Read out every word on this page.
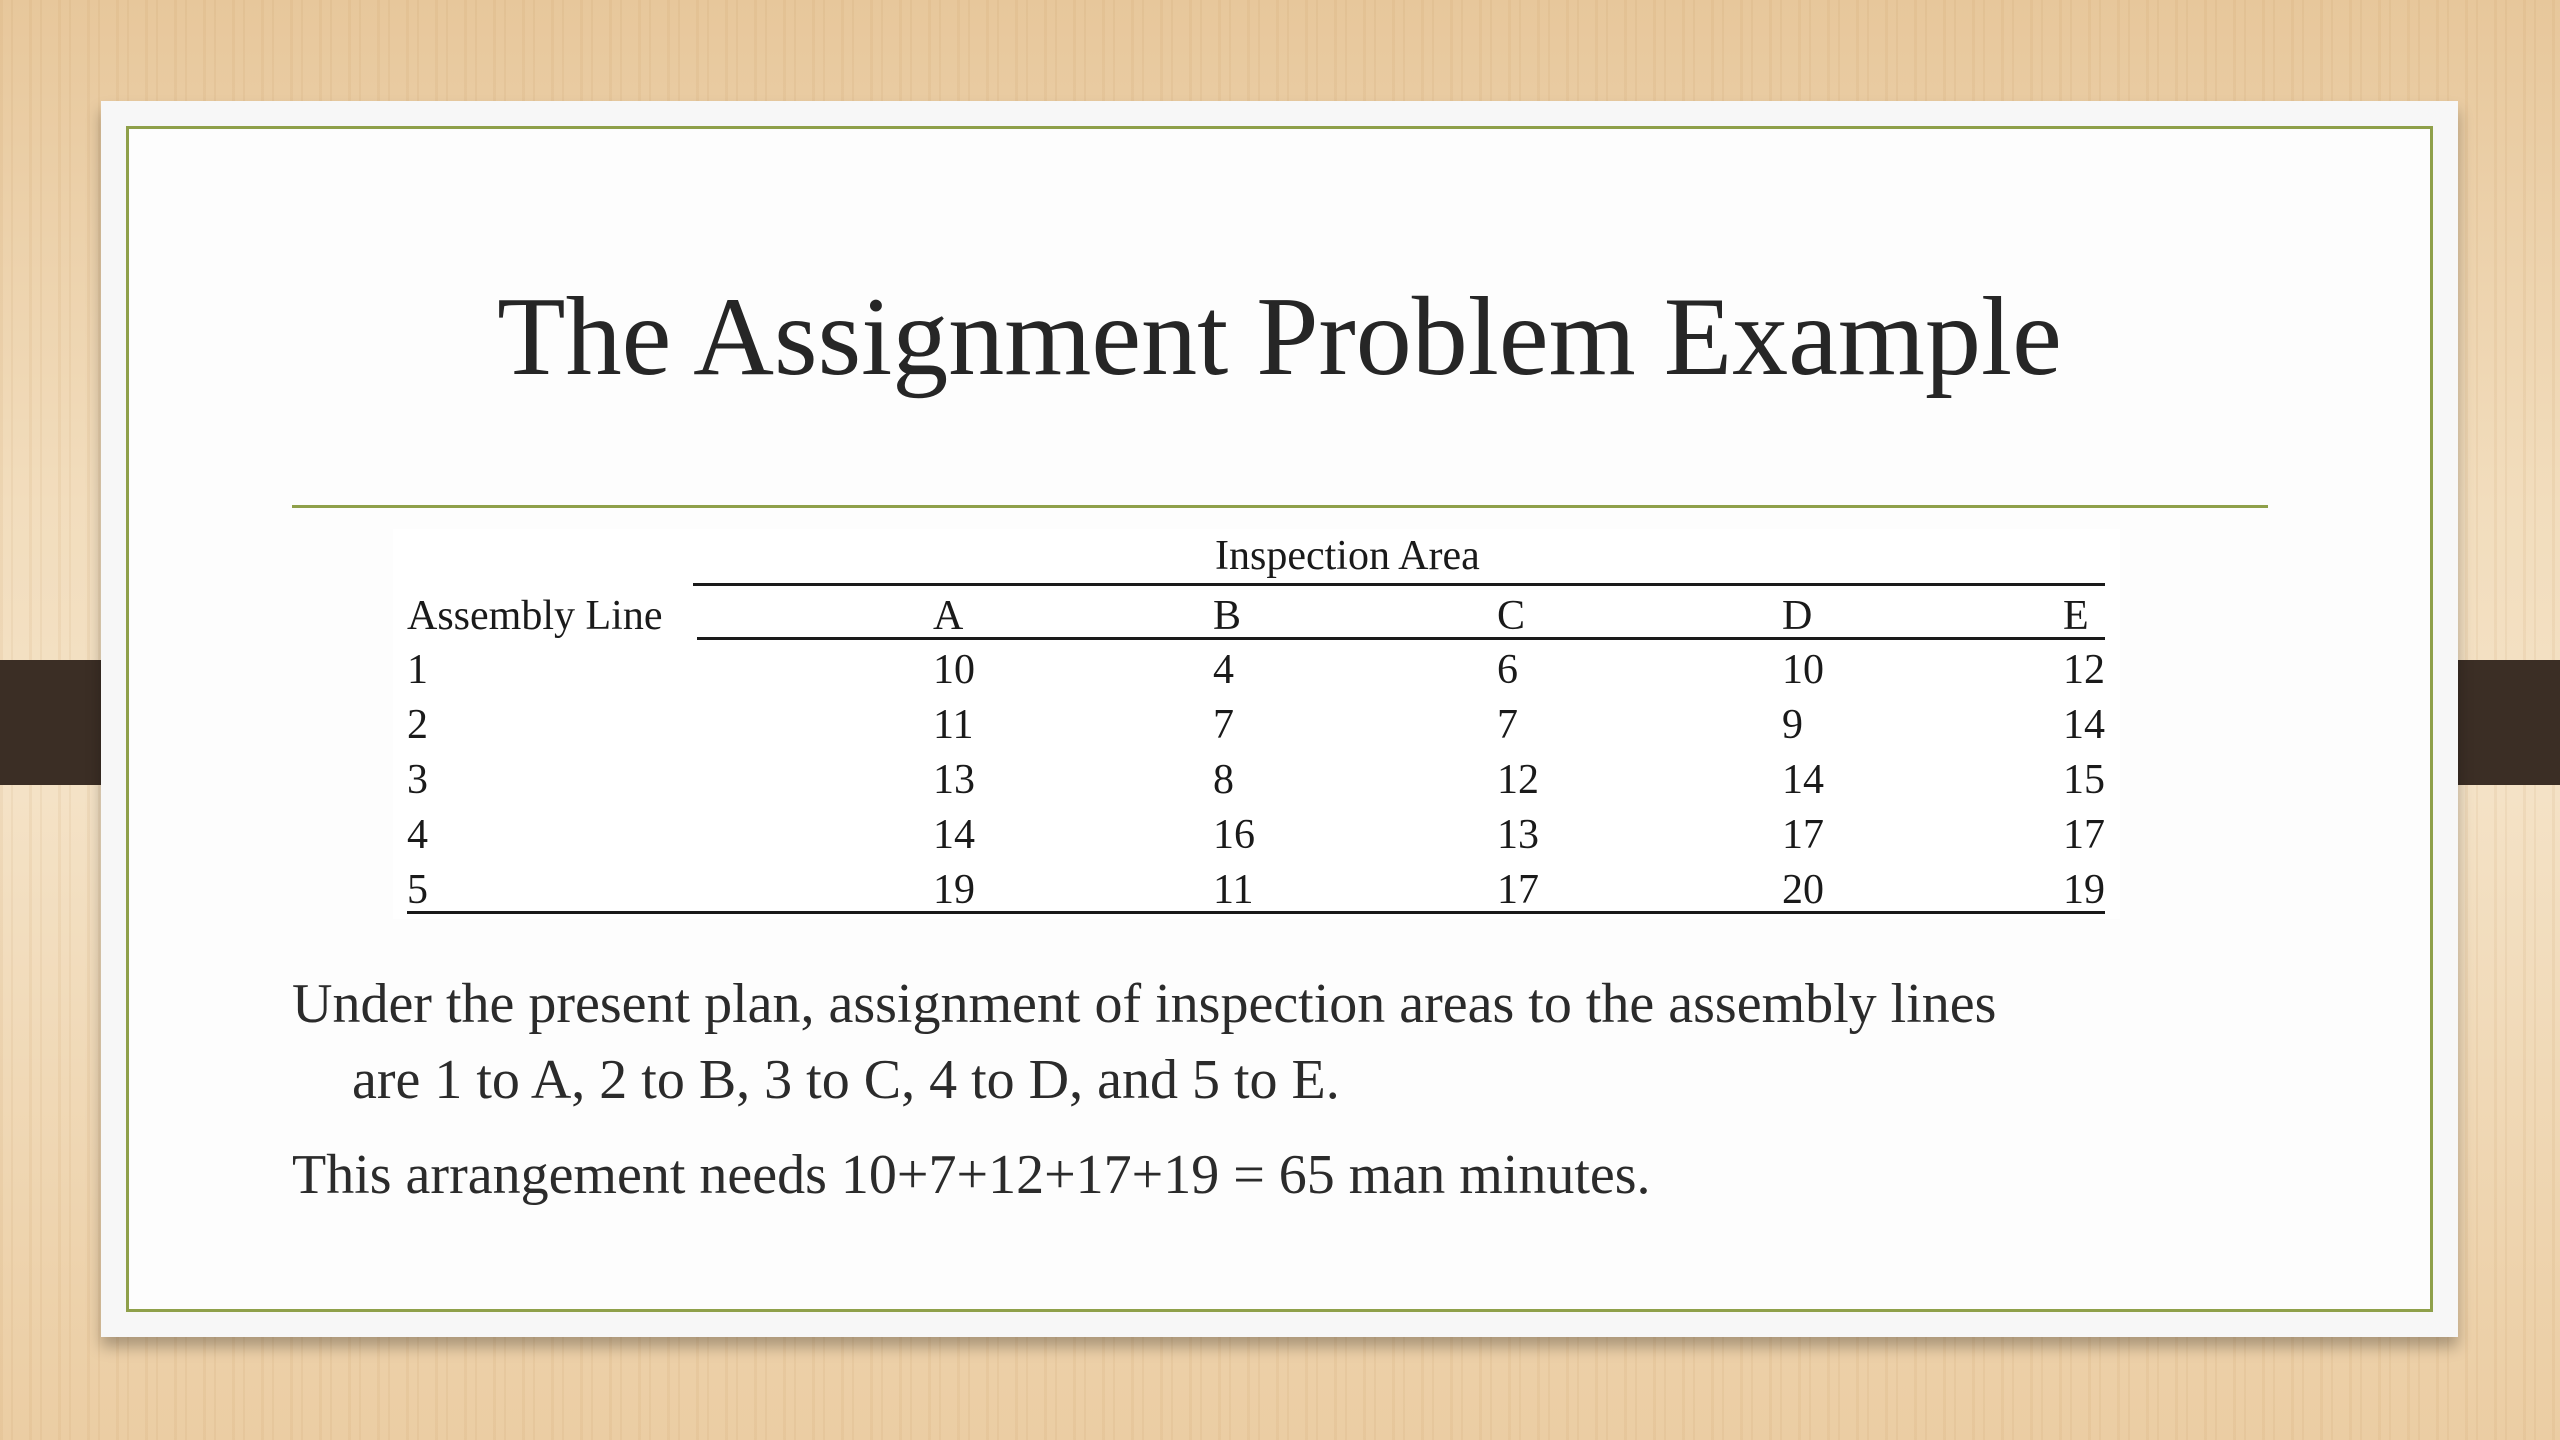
The Assignment Problem Example
Inspection Area
Assembly Line	A	B	C	D	E
1	10	4	6	10	12
2	11	7	7	9	14
3	13	8	12	14	15
4	14	16	13	17	17
5	19	11	17	20	19

Under the present plan, assignment of inspection areas to the assembly lines
are 1 to A, 2 to B, 3 to C, 4 to D, and 5 to E.

This arrangement needs 10+7+12+17+19 = 65 man minutes.
